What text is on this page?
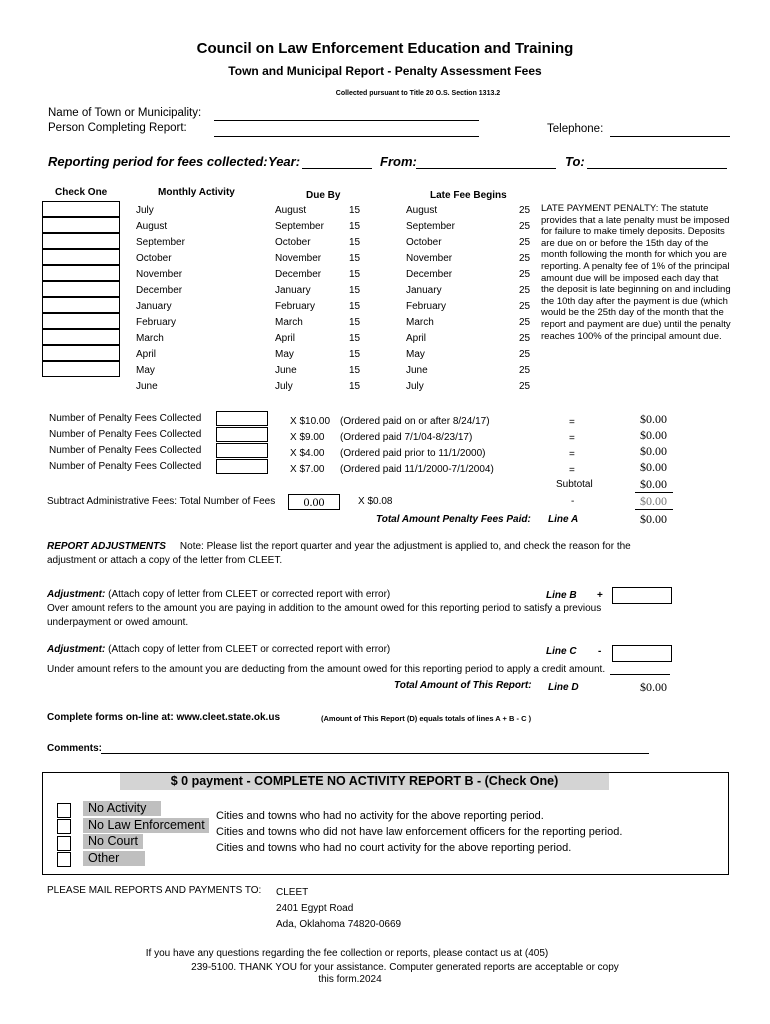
Council on Law Enforcement Education and Training
Town and Municipal Report - Penalty Assessment Fees
Collected pursuant to Title 20 O.S. Section 1313.2
Name of Town or Municipality:
Person Completing Report:	Telephone:
Reporting period for fees collected: Year:	From:	To:
Check One	Monthly Activity	Due By	Late Fee Begins
July	August	15	August	25
August	September	15	September	25
September	October	15	October	25
October	November	15	November	25
November	December	15	December	25
December	January	15	January	25
January	February	15	February	25
February	March	15	March	25
March	April	15	April	25
April	May	15	May	25
May	June	15	June	25
June	July	15	July	25
LATE PAYMENT PENALTY: The statute provides that a late penalty must be imposed for failure to make timely deposits. Deposits are due on or before the 15th day of the month following the month for which you are reporting. A penalty fee of 1% of the principal amount due will be imposed each day that the deposit is late beginning on and including the 10th day after the payment is due (which would be the 25th day of the month that the report and payment are due) until the penalty reaches 100% of the principal amount due.
Number of Penalty Fees Collected	X $10.00 (Ordered paid on or after 8/24/17)	=	$0.00
Number of Penalty Fees Collected	X $9.00 (Ordered paid 7/1/04-8/23/17)	=	$0.00
Number of Penalty Fees Collected	X $4.00 (Ordered paid prior to 11/1/2000)	=	$0.00
Number of Penalty Fees Collected	X $7.00 (Ordered paid 11/1/2000-7/1/2004)	=	$0.00
Subtotal	$0.00
Subtract Administrative Fees: Total Number of Fees	0.00	X $0.08	-	$0.00
Total Amount Penalty Fees Paid: Line A	$0.00
REPORT ADJUSTMENTS Note: Please list the report quarter and year the adjustment is applied to, and check the reason for the adjustment or attach a copy of the letter from CLEET.
Adjustment: (Attach copy of letter from CLEET or corrected report with error)	Line B +
Over amount refers to the amount you are paying in addition to the amount owed for this reporting period to satisfy a previous underpayment or owed amount.
Adjustment: (Attach copy of letter from CLEET or corrected report with error)	Line C -
Under amount refers to the amount you are deducting from the amount owed for this reporting period to apply a credit amount.
Total Amount of This Report: Line D	$0.00
Complete forms on-line at: www.cleet.state.ok.us	(Amount of This Report (D) equals totals of lines A + B - C )
Comments:
$ 0 payment - COMPLETE NO ACTIVITY REPORT B - (Check One)
No Activity
Cities and towns who had no activity for the above reporting period.
No Law Enforcement	Cities and towns who did not have law enforcement officers for the reporting period.
No Court	Cities and towns who had no court activity for the above reporting period.
Other
PLEASE MAIL REPORTS AND PAYMENTS TO: CLEET
2401 Egypt Road
Ada, Oklahoma 74820-0669
If you have any questions regarding the fee collection or reports, please contact us at (405)
239-5100. THANK YOU for your assistance. Computer generated reports are acceptable or copy
this form.2024
